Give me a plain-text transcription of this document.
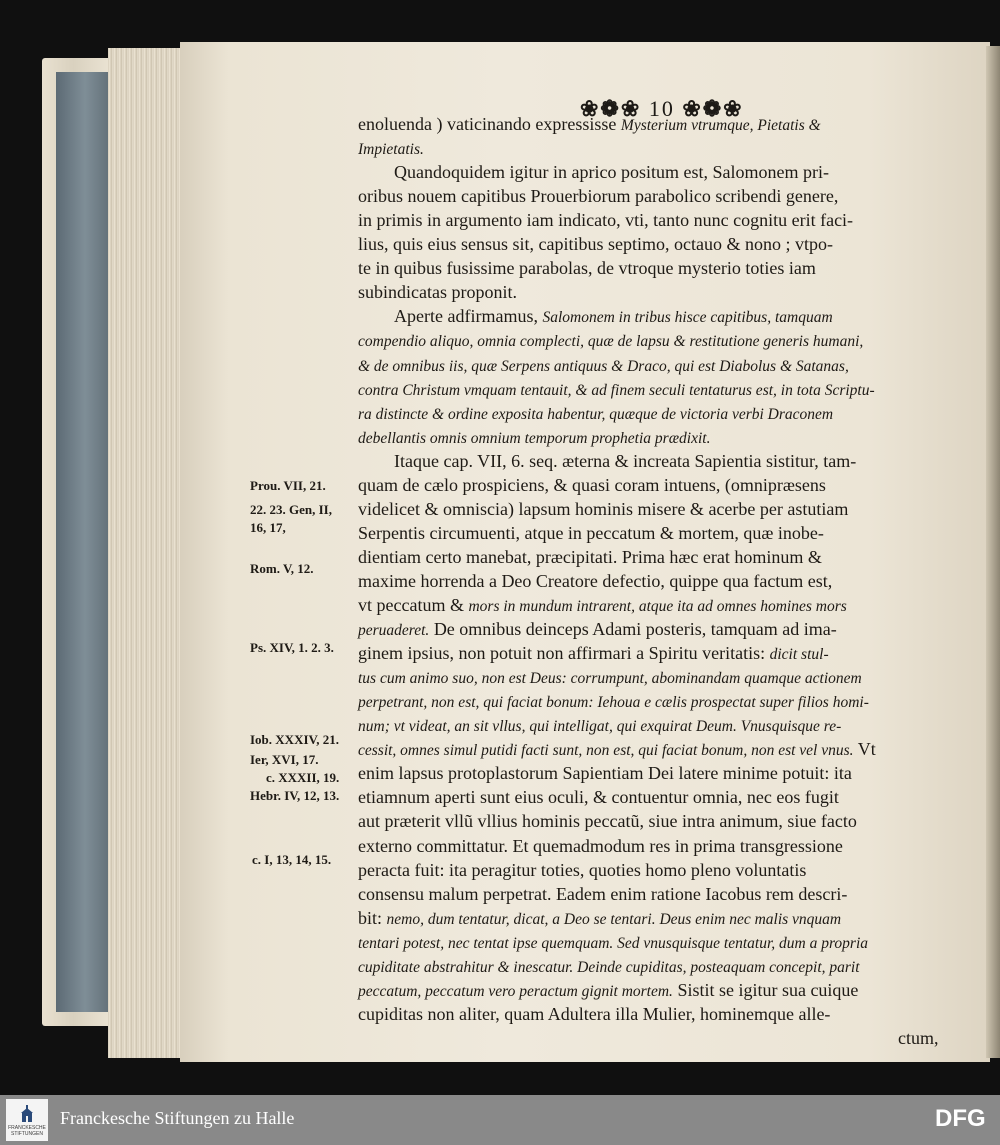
❀❁❀ 10 ❀❁❀
enoluenda ) vaticinando expressisse Mysterium vtrumque, Pietatis &
Impietatis.
  Quandoquidem igitur in aprico positum est, Salomonem pri-
oribus nouem capitibus Prouerbiorum parabolico scribendi genere,
in primis in argumento iam indicato, vti, tanto nunc cognitu erit faci-
lius, quis eius sensus sit, capitibus septimo, octauo & nono ; vtpo-
te in quibus fusissime parabolas, de vtroque mysterio toties iam
subindicatas proponit.
  Aperte adfirmamus, Salomonem in tribus hisce capitibus, tamquam
compendio aliquo, omnia complecti, quæ de lapsu & restitutione generis humani,
& de omnibus iis, quæ Serpens antiquus & Draco, qui est Diabolus & Satanas,
contra Christum vmquam tentauit, & ad finem seculi tentaturus est, in tota Scriptu-
ra distincte & ordine exposita habentur, quæque de victoria verbi Draconem
debellantis omnis omnium temporum prophetia prædixit.
  Itaque cap. VII, 6. seq. æterna & increata Sapientia sistitur, tam-
quam de cælo prospiciens, & quasi coram intuens, (omnipræsens
videlicet & omniscia) lapsum hominis misere & acerbe per astutiam
Serpentis circumuenti, atque in peccatum & mortem, quæ inobe-
dientiam certo manebat, præcipitati. Prima hæc erat hominum &
maxime horrenda a Deo Creatore defectio, quippe qua factum est,
vt peccatum & mors in mundum intrarent, atque ita ad omnes homines mors
peruaderet. De omnibus deinceps Adami posteris, tamquam ad ima-
ginem ipsius, non potuit non affirmari a Spiritu veritatis: dicit stul-
tus cum animo suo, non est Deus: corrumpunt, abominandam quamque actionem
perpetrant, non est, qui faciat bonum: Iehoua e cælis prospectat super filios homi-
num; vt videat, an sit vllus, qui intelligat, qui exquirat Deum. Vnusquisque re-
cessit, omnes simul putidi facti sunt, non est, qui faciat bonum, non est vel vnus. Vt
enim lapsus protoplastorum Sapientiam Dei latere minime potuit: ita
etiamnum aperti sunt eius oculi, & contuentur omnia, nec eos fugit
aut præterit vllũ vllius hominis peccatũ, siue intra animum, siue facto
externo committatur. Et quemadmodum res in prima transgressione
peracta fuit: ita peragitur toties, quoties homo pleno voluntatis
consensu malum perpetrat. Eadem enim ratione Iacobus rem descri-
bit: nemo, dum tentatur, dicat, a Deo se tentari. Deus enim nec malis vnquam
tentari potest, nec tentat ipse quemquam. Sed vnusquisque tentatur, dum a propria
cupiditate abstrahitur & inescatur. Deinde cupiditas, posteaquam concepit, parit
peccatum, peccatum vero peractum gignit mortem. Sistit se igitur sua cuique
cupiditas non aliter, quam Adultera illa Mulier, hominemque alle-
                              ctum,
Prou. VII, 21.
22. 23. Gen, II,
16, 17,
Rom. V, 12.
Ps. XIV, 1. 2. 3.
Iob. XXXIV, 21.
Ier, XVI, 17.
c. XXXII, 19.
Hebr. IV, 12, 13.
c. I, 13, 14, 15.
FRANCKESCHE
STIFTUNGEN
Franckesche Stiftungen zu Halle	DFG
